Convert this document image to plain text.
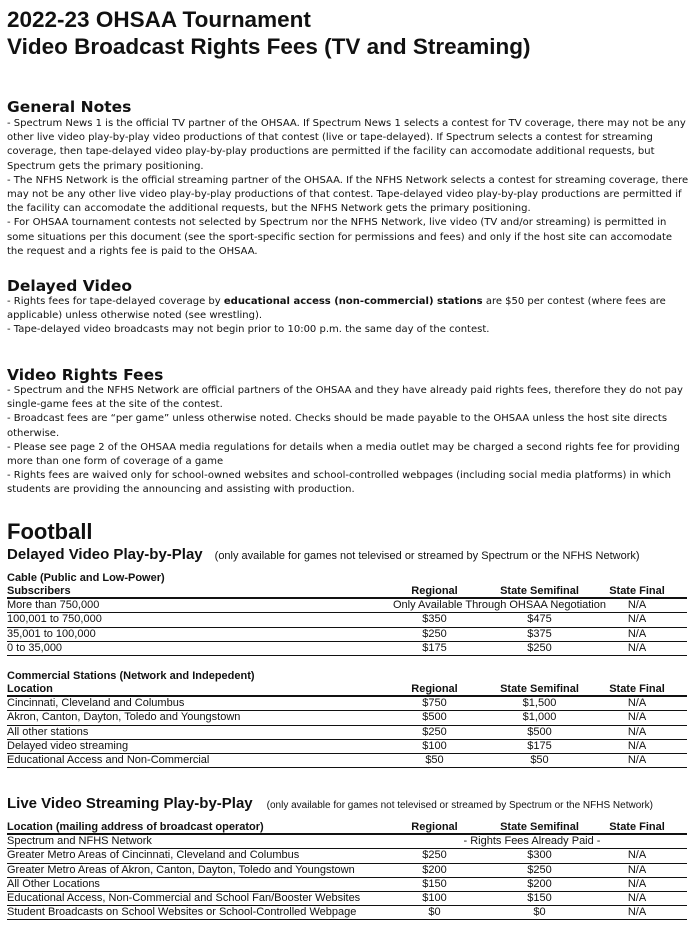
2022-23 OHSAA Tournament
Video Broadcast Rights Fees (TV and Streaming)
General Notes

- Spectrum News 1 is the official TV partner of the OHSAA. If Spectrum News 1 selects a contest for TV coverage, there may not be any other live video play-by-play video productions of that contest (live or tape-delayed). If Spectrum selects a contest for streaming coverage, then tape-delayed video play-by-play productions are permitted if the facility can accomodate additional requests, but Spectrum gets the primary positioning.

- The NFHS Network is the official streaming partner of the OHSAA. If the NFHS Network selects a contest for streaming coverage, there may not be any other live video play-by-play productions of that contest. Tape-delayed video play-by-play productions are permitted if the facility can accomodate the additional requests, but the NFHS Network gets the primary positioning.

- For OHSAA tournament contests not selected by Spectrum nor the NFHS Network, live video (TV and/or streaming) is permitted in some situations per this document (see the sport-specific section for permissions and fees) and only if the host site can accomodate the request and a rights fee is paid to the OHSAA.

Delayed Video

- Rights fees for tape-delayed coverage by educational access (non-commercial) stations are $50 per contest (where fees are applicable) unless otherwise noted (see wrestling).

- Tape-delayed video broadcasts may not begin prior to 10:00 p.m. the same day of the contest.

Video Rights Fees

- Spectrum and the NFHS Network are official partners of the OHSAA and they have already paid rights fees, therefore they do not pay single-game fees at the site of the contest.

- Broadcast fees are “per game” unless otherwise noted. Checks should be made payable to the OHSAA unless the host site directs otherwise.

- Please see page 2 of the OHSAA media regulations for details when a media outlet may be charged a second rights fee for providing more than one form of coverage of a game

- Rights fees are waived only for school-owned websites and school-controlled webpages (including social media platforms) in which students are providing the announcing and assisting with production.

Football
Delayed Video Play-by-Play (only available for games not televised or streamed by Spectrum or the NFHS Network)
Cable (Public and Low-Power)
Subscribers	Regional	State Semifinal	State Final
More than 750,000	Only Available Through OHSAA Negotiation	N/A
100,001 to 750,000	$350	$475	N/A
35,001 to 100,000	$250	$375	N/A
0 to 35,000	$175	$250	N/A
Commercial Stations (Network and Indepedent)
Location	Regional	State Semifinal	State Final
Cincinnati, Cleveland and Columbus	$750	$1,500	N/A
Akron, Canton, Dayton, Toledo and Youngstown	$500	$1,000	N/A
All other stations	$250	$500	N/A
Delayed video streaming	$100	$175	N/A
Educational Access and Non-Commercial	$50	$50	N/A
Live Video Streaming Play-by-Play (only available for games not televised or streamed by Spectrum or the NFHS Network)
Location (mailing address of broadcast operator)	Regional	State Semifinal	State Final
Spectrum and NFHS Network	- Rights Fees Already Paid -
Greater Metro Areas of Cincinnati, Cleveland and Columbus	$250	$300	N/A
Greater Metro Areas of Akron, Canton, Dayton, Toledo and Youngstown	$200	$250	N/A
All Other Locations	$150	$200	N/A
Educational Access, Non-Commercial and School Fan/Booster Websites	$100	$150	N/A
Student Broadcasts on School Websites or School-Controlled Webpage	$0	$0	N/A
